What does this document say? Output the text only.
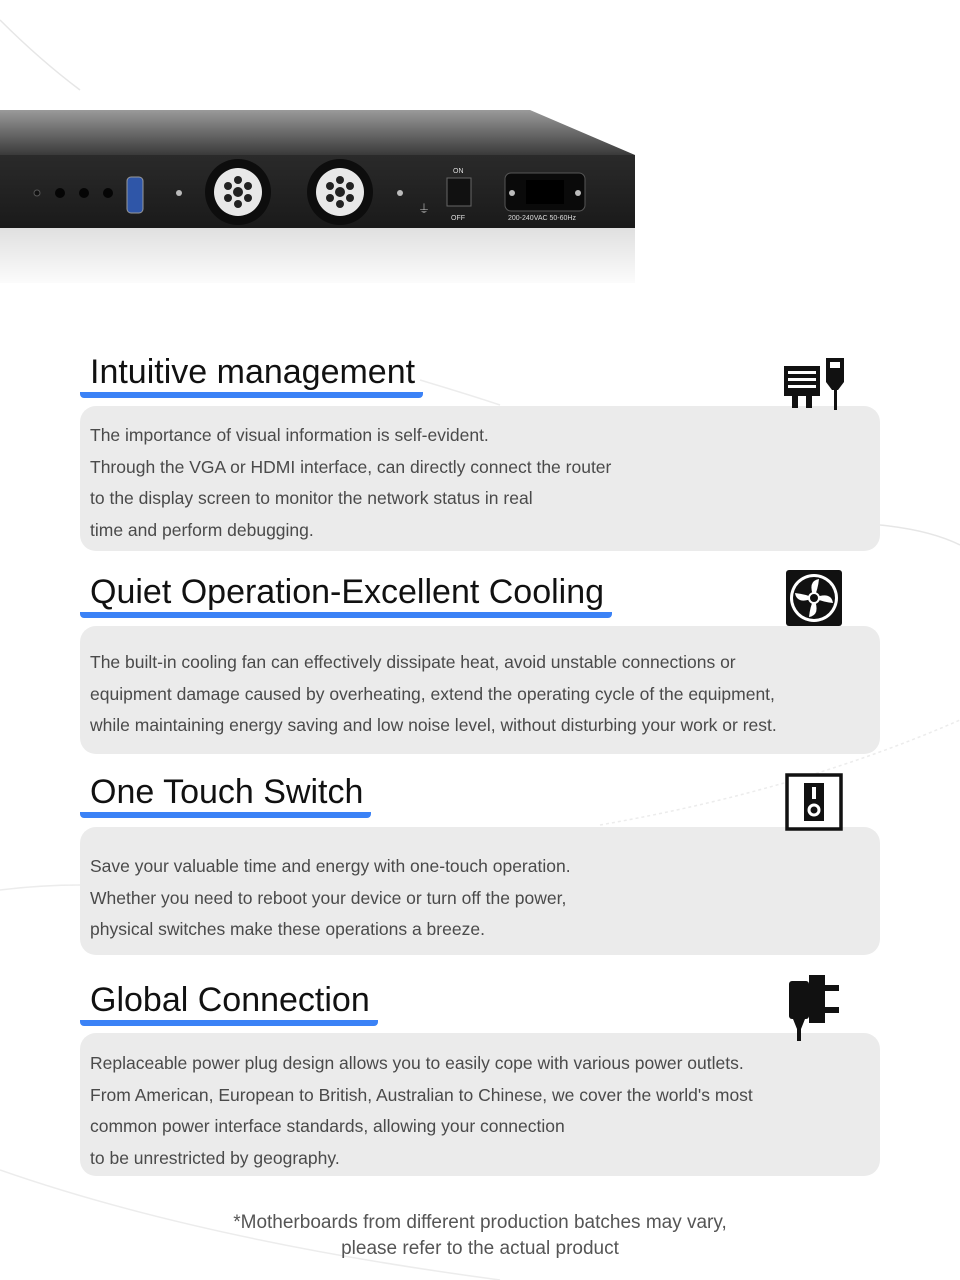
⏚
ON
OFF	200-240VAC 50-60Hz
Intuitive management

The importance of visual information is self-evident.

Through the VGA or HDMI interface, can directly connect the router

to the display screen to monitor the network status in real

time and perform debugging.

Quiet Operation-Excellent Cooling

The built-in cooling fan can effectively dissipate heat, avoid unstable connections or

equipment damage caused by overheating, extend the operating cycle of the equipment,

while maintaining energy saving and low noise level, without disturbing your work or rest.

One Touch Switch

Save your valuable time and energy with one-touch operation.

Whether you need to reboot your device or turn off the power,

physical switches make these operations a breeze.

Global Connection

Replaceable power plug design allows you to easily cope with various power outlets.

From American, European to British, Australian to Chinese, we cover the world's most

common power interface standards, allowing your connection

to be unrestricted by geography.

*Motherboards from different production batches may vary,
please refer to the actual product
